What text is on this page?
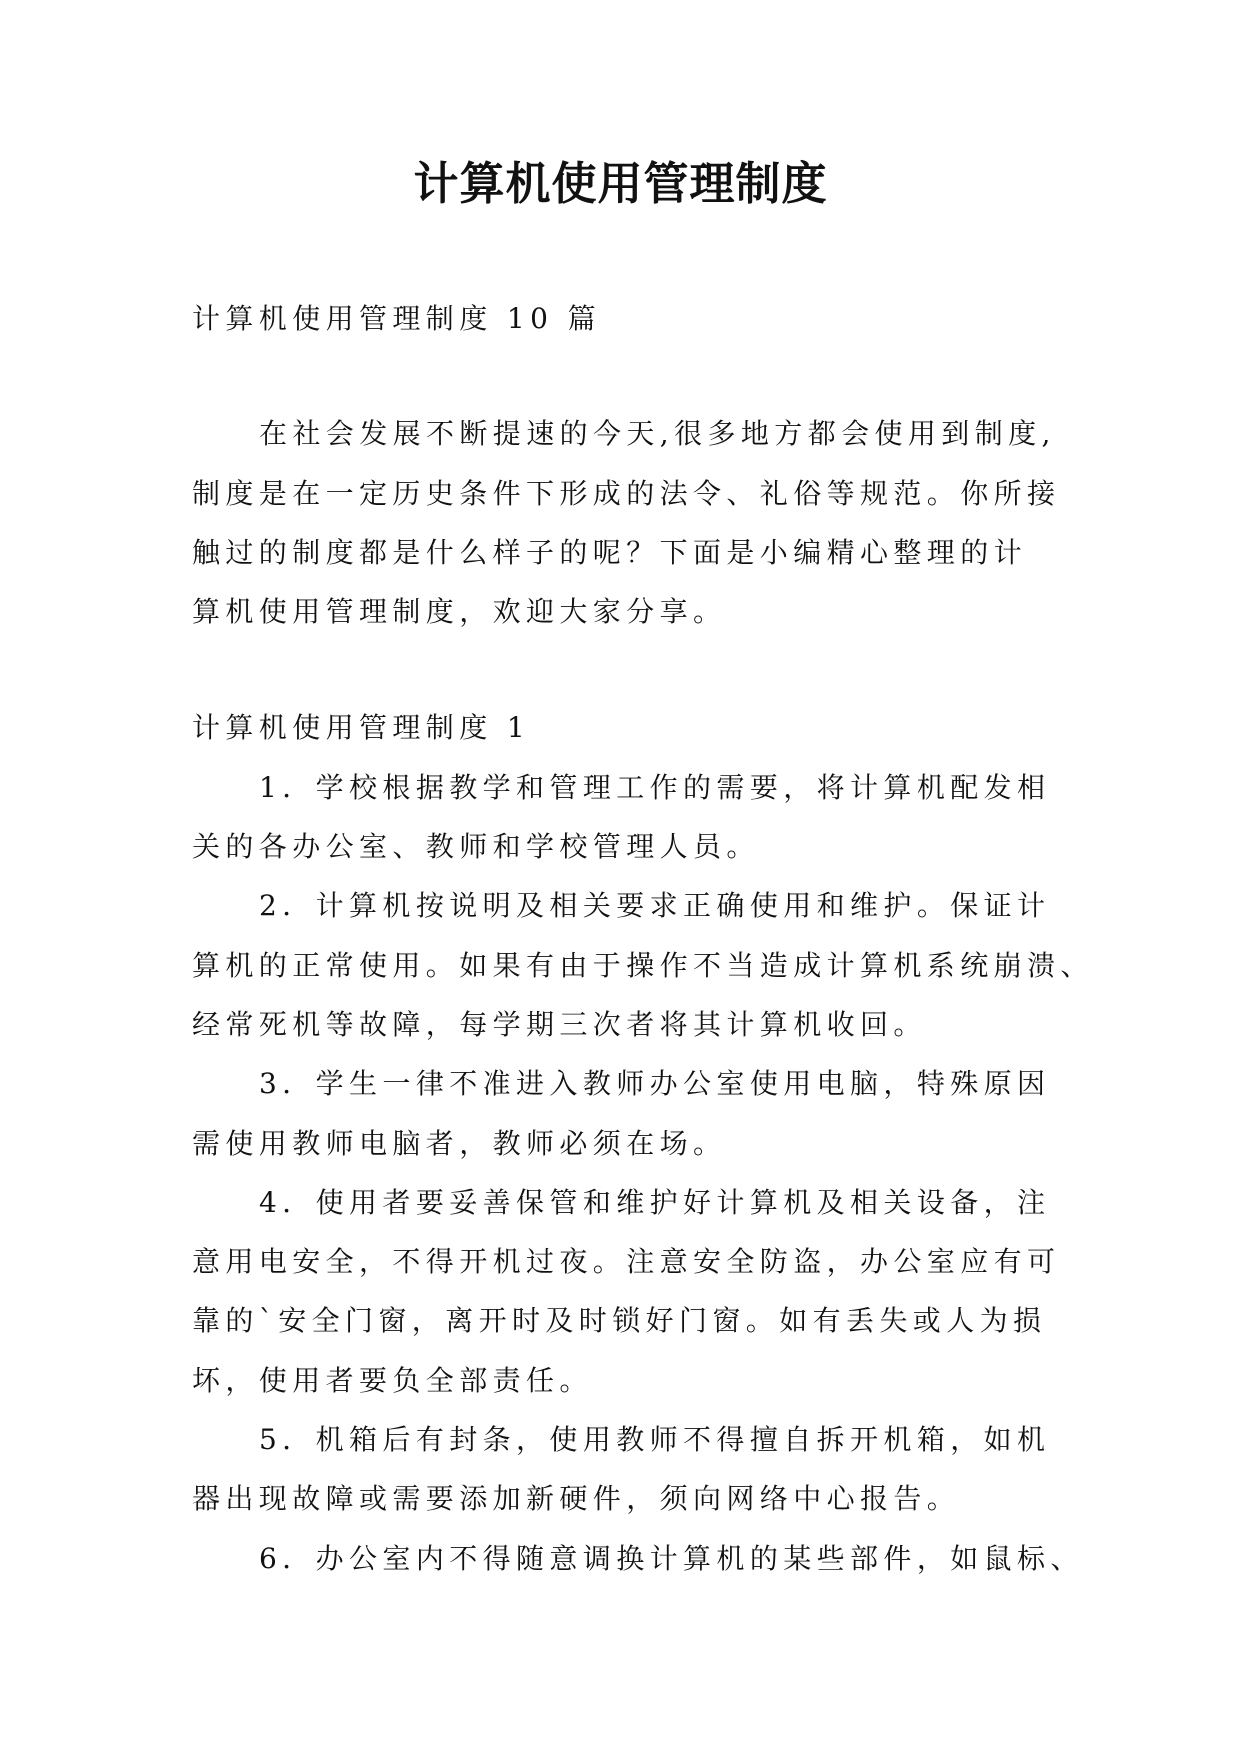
计算机使用管理制度
计算机使用管理制度 10 篇
在社会发展不断提速的今天,很多地方都会使用到制度,
制度是在一定历史条件下形成的法令、礼俗等规范。你所接
触过的制度都是什么样子的呢？下面是小编精心整理的计
算机使用管理制度，欢迎大家分享。
计算机使用管理制度 1
1．学校根据教学和管理工作的需要，将计算机配发相
关的各办公室、教师和学校管理人员。
2．计算机按说明及相关要求正确使用和维护。保证计
算机的正常使用。如果有由于操作不当造成计算机系统崩溃、
经常死机等故障，每学期三次者将其计算机收回。
3．学生一律不准进入教师办公室使用电脑，特殊原因
需使用教师电脑者，教师必须在场。
4．使用者要妥善保管和维护好计算机及相关设备，注
意用电安全，不得开机过夜。注意安全防盗，办公室应有可
靠的`安全门窗，离开时及时锁好门窗。如有丢失或人为损
坏，使用者要负全部责任。
5．机箱后有封条，使用教师不得擅自拆开机箱，如机
器出现故障或需要添加新硬件，须向网络中心报告。
6．办公室内不得随意调换计算机的某些部件，如鼠标、
